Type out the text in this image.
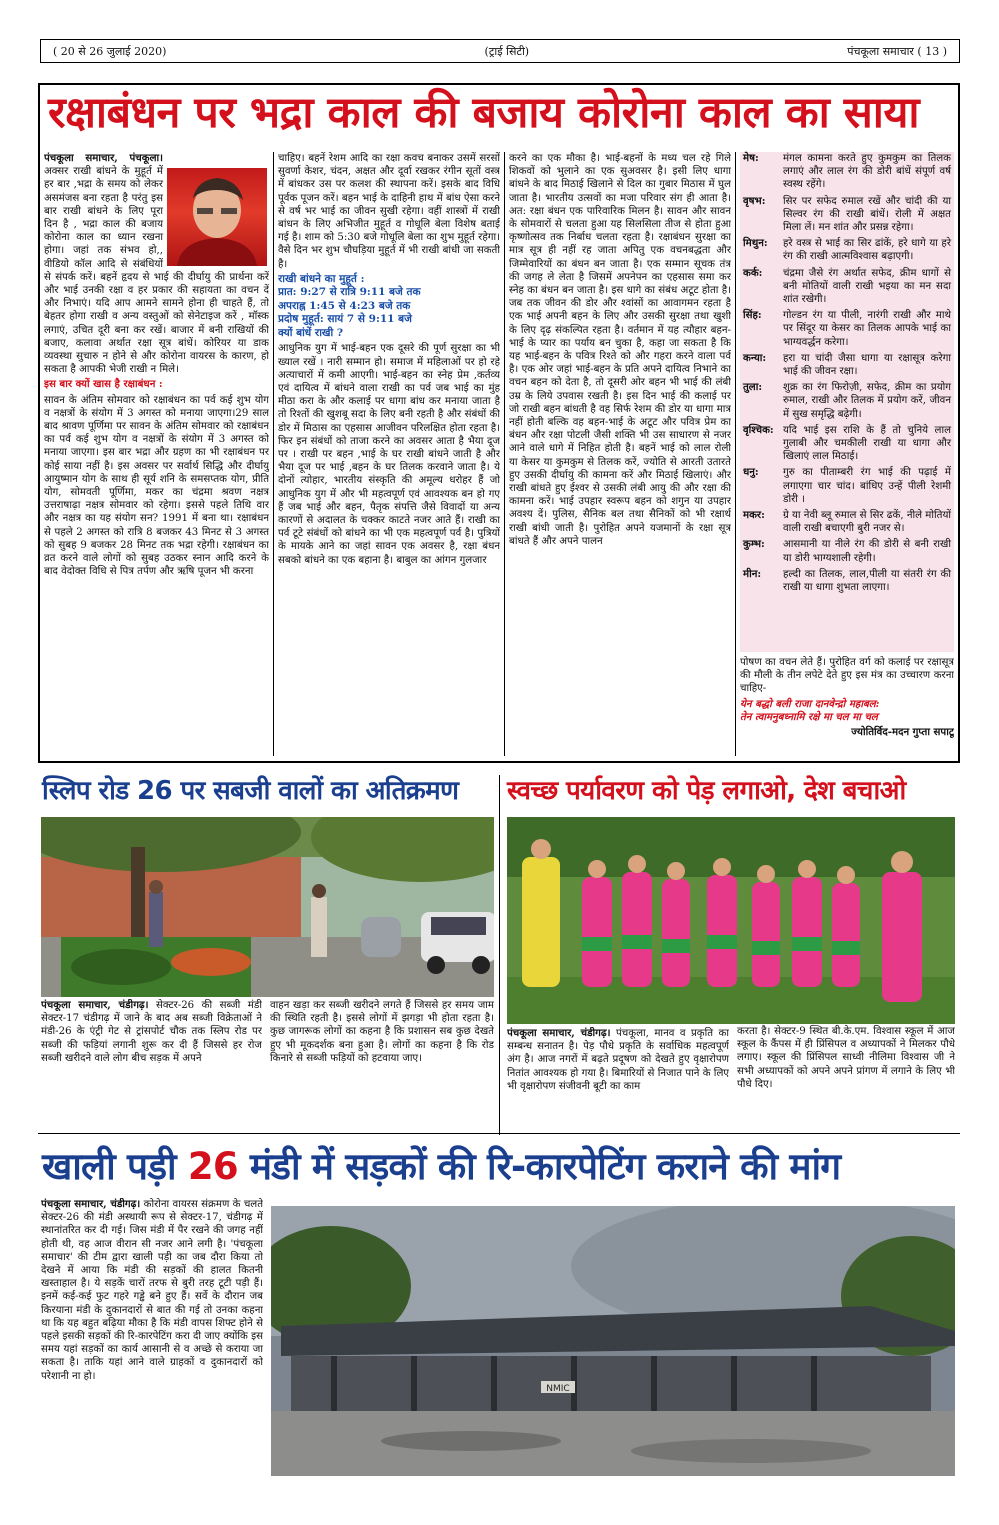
( 20 से 26 जुलाई 2020)	(ट्राई सिटी)	पंचकूला समाचार ( 13 )
रक्षाबंधन पर भद्रा काल की बजाय कोरोना काल का साया

पंचकूला समाचार, पंचकूला। अक्सर राखी बांधने के मुहूर्त में हर बार ,भद्रा के समय को लेकर असमंजस बना रहता है परंतु इस बार राखी बांधने के लिए पूरा दिन है , भद्रा काल की बजाय कोरोना काल का ध्यान रखना होगा। जहां तक संभव हो,, वीडियो कॉल आदि से संबंधियों से संपर्क करें। बहनें हृदय से भाई की दीर्घायु की प्रार्थना करें और भाई उनकी रक्षा व हर प्रकार की सहायता का वचन दें और निभाएं। यदि आप आमने सामने होना ही चाहते हैं, तो बेहतर होगा राखी व अन्य वस्तुओं को सेनेटाइज करें , मॉस्क लगाएं, उचित दूरी बना कर रखें। बाजार में बनी राखियों की बजाए, कलावा अर्थात रक्षा सूत्र बांधें। कोरियर या डाक व्यवस्था सुचारु न होने से और कोरोना वायरस के कारण, हो सकता है आपकी भेजी राखी न मिले।

इस बार क्यों खास है रक्षाबंधन :

सावन के अंतिम सोमवार को रक्षाबंधन का पर्व कई शुभ योग व नक्षत्रों के संयोग में 3 अगस्त को मनाया जाएगा।29 साल बाद श्रावण पूर्णिमा पर सावन के अंतिम सोमवार को रक्षाबंधन का पर्व कई शुभ योग व नक्षत्रों के संयोग में 3 अगस्त को मनाया जाएगा। इस बार भद्रा और ग्रहण का भी रक्षाबंधन पर कोई साया नहीं है। इस अवसर पर सर्वार्थ सिद्धि और दीर्घायु आयुष्मान योग के साथ ही सूर्य शनि के समसप्तक योग, प्रीति योग, सोमवती पूर्णिमा, मकर का चंद्रमा श्रवण नक्षत्र उत्तराषाढ़ा नक्षत्र सोमवार को रहेगा। इससे पहले तिथि वार और नक्षत्र का यह संयोग सन? 1991 में बना था। रक्षाबंधन से पहले 2 अगस्त को रात्रि 8 बजकर 43 मिनट से 3 अगस्त को सुबह 9 बजकर 28 मिनट तक भद्रा रहेगी। रक्षाबंधन का व्रत करने वाले लोगों को सुबह उठकर स्नान आदि करने के बाद वेदोक्त विधि से पित्र तर्पण और ऋषि पूजन भी करना

चाहिए। बहनें रेशम आदि का रक्षा कवच बनाकर उसमें सरसों सुवर्णा केशर, चंदन, अक्षत और दूर्वा रखकर रंगीन सूतों वस्त्र में बांधकर उस पर कलश की स्थापना करें। इसके बाद विधि पूर्वक पूजन करें। बहन भाई के दाहिनी हाथ में बांध ऐसा करने से वर्ष भर भाई का जीवन सुखी रहेगा। वहीं शास्त्रों में राखी बांधन के लिए अभिजीत मुहूर्त व गोधूलि बेला विशेष बताई गई है। शाम को 5:30 बजे गोधूलि बेला का शुभ मुहूर्त रहेगा। वैसे दिन भर शुभ चौघड़िया मुहूर्त में भी राखी बांधी जा सकती है।

राखी बांधने का मुहूर्त :
प्रात: 9:27 से रात्रि 9:11 बजे तक
अपराह्न 1:45 से 4:23 बजे तक
प्रदोष मुहूर्त: सायं 7 से 9:11 बजे
क्यों बांधें राखी ?

आधुनिक युग में भाई-बहन एक दूसरे की पूर्ण सुरक्षा का भी ख्याल रखें । नारी सम्मान हो। समाज में महिलाओं पर हो रहे अत्याचारों में कमी आएगी। भाई-बहन का स्नेह प्रेम ,कर्तव्य एवं दायित्व में बांधने वाला राखी का पर्व जब भाई का मुंह मीठा करा के और कलाई पर धागा बांध कर मनाया जाता है तो रिश्तों की खुशबू सदा के लिए बनी रहती है और संबंधों की डोर में मिठास का एहसास आजीवन परिलक्षित होता रहता है। फिर इन संबंधों को ताजा करने का अवसर आता है भैया दूज पर । राखी पर बहन ,भाई के घर राखी बांधने जाती है और भैया दूज पर भाई ,बहन के घर तिलक करवाने जाता है। ये दोनों त्योहार, भारतीय संस्कृति की अमूल्य धरोहर हैं जो आधुनिक युग में और भी महत्वपूर्ण एवं आवश्यक बन हो गए हैं जब भाई और बहन, पैतृक संपत्ति जैसे विवादों या अन्य कारणों से अदालत के चक्कर काटते नजर आते हैं। राखी का पर्व टूटे संबंधों को बांधने का भी एक महत्वपूर्ण पर्व है। पुत्रियों के मायके आने का जहां सावन एक अवसर है, रक्षा बंधन सबको बांधने का एक बहाना है। बाबुल का आंगन गुलजार

करने का एक मौका है। भाई-बहनों के मध्य चल रहे गिले शिकवों को भुलाने का एक सुअवसर है। इसी लिए धागा बांधने के बाद मिठाई खिलाने से दिल का गुबार मिठास में घुल जाता है। भारतीय उत्सवों का मजा परिवार संग ही आता है। अत: रक्षा बंधन एक पारिवारिक मिलन है। सावन और सावन के सोमवारों से चलता हुआ यह सिलसिला तीज से होता हुआ कृष्णोत्सव तक निर्बाध चलता रहता है। रक्षाबंधन सुरक्षा का मात्र सूत्र ही नहीं रह जाता अपितु एक वचनबद्धता और जिम्मेवारियों का बंधन बन जाता है। एक सम्मान सूचक तंत्र की जगह ले लेता है जिसमें अपनेपन का एहसास समा कर स्नेह का बंधन बन जाता है। इस धागे का संबंध अटूट होता है। जब तक जीवन की डोर और श्वांसों का आवागमन रहता है एक भाई अपनी बहन के लिए और उसकी सुरक्षा तथा खुशी के लिए दृढ़ संकल्पित रहता है। वर्तमान में यह त्यौहार बहन-भाई के प्यार का पर्याय बन चुका है, कहा जा सकता है कि यह भाई-बहन के पवित्र रिश्ते को और गहरा करने वाला पर्व है। एक ओर जहां भाई-बहन के प्रति अपने दायित्व निभाने का वचन बहन को देता है, तो दूसरी ओर बहन भी भाई की लंबी उम्र के लिये उपवास रखती है। इस दिन भाई की कलाई पर जो राखी बहन बांधती है वह सिर्फ रेशम की डोर या धागा मात्र नहीं होती बल्कि वह बहन-भाई के अटूट और पवित्र प्रेम का बंधन और रक्षा पोटली जैसी शक्ति भी उस साधारण से नजर आने वाले धागे में निहित होती है। बहनें भाई को लाल रोली या केसर या कुमकुम से तिलक करें, ज्योति से आरती उतारते हुए उसकी दीर्घायु की कामना करें और मिठाई खिलाएं। और राखी बांधते हुए ईश्वर से उसकी लंबी आयु की और रक्षा की कामना करें। भाई उपहार स्वरूप बहन को शगुन या उपहार अवश्य दें। पुलिस, सैनिक बल तथा सैनिकों को भी रक्षार्थ राखी बांधी जाती है। पुरोहित अपने यजमानों के रक्षा सूत्र बांधते हैं और अपने पालन

मेष:	मंगल कामना करते हुए कुमकुम का तिलक लगाएं और लाल रंग की डोरी बांधें संपूर्ण वर्ष स्वस्थ रहेंगे।
वृषभ:	सिर पर सफेद रुमाल रखें और चांदी की या सिल्वर रंग की राखी बांधें। रोली में अक्षत मिला लें। मन शांत और प्रसन्न रहेगा।
मिथुन:	हरे वस्त्र से भाई का सिर ढांकें, हरे धागे या हरे रंग की राखी आत्मविश्वास बढ़ाएगी।
कर्क:	चंद्रमा जैसे रंग अर्थात सफेद, क्रीम धागों से बनी मोतियों वाली राखी भइया का मन सदा शांत रखेगी।
सिंह:	गोल्डन रंग या पीली, नारंगी राखी और माथे पर सिंदूर या केसर का तिलक आपके भाई का भाग्यवर्द्धन करेगा।
कन्या:	हरा या चांदी जैसा धागा या रक्षासूत्र करेगा भाई की जीवन रक्षा।
तुला:	शुक्र का रंग फिरोज़ी, सफेद, क्रीम का प्रयोग रुमाल, राखी और तिलक में प्रयोग करें, जीवन में सुख समृद्धि बढ़ेगी।
वृश्चिक: यदि भाई इस राशि के हैं तो चुनिये लाल गुलाबी और चमकीली राखी या धागा और खिलाएं लाल मिठाई।
धनु:	गुरु का पीताम्बरी रंग भाई की पढ़ाई में लगाएगा चार चांद। बांधिए उन्हें पीली रेशमी डोरी ।
मकर:	ग्रे या नेवी ब्लू रुमाल से सिर ढकें, नीले मोतियों वाली राखी बचाएगी बुरी नजर से।
कुम्भ:	आसमानी या नीले रंग की डोरी से बनी राखी या डोरी भाग्यशाली रहेगी।
मीन:	हल्दी का तिलक, लाल,पीली या संतरी रंग की राखी या धागा शुभता लाएगा।

पोषण का वचन लेते हैं। पुरोहित वर्ग को कलाई पर रक्षासूत्र की मौली के तीन लपेटे देते हुए इस मंत्र का उच्चारण करना चाहिए-

येन बद्धो बली राजा दानवेन्द्रो महाबल:
तेन त्वामनुबध्नामि रक्षे मा चल मा चल
ज्योतिर्विद-मदन गुप्ता सपाटू
स्लिप रोड 26 पर सबजी वालों का अतिक्रमण	स्वच्छ पर्यावरण को पेड़ लगाओ, देश बचाओ

पंचकूला समाचार, चंडीगढ़। सेक्टर-26 की सब्जी मंडी सेक्टर-17 चंडीगढ़ में जाने के बाद अब सब्जी विक्रेताओं ने मंडी-26 के एंट्री गेट से ट्रांसपोर्ट चौक तक स्लिप रोड पर सब्जी की फड़ियां लगानी शुरू कर दी हैं जिससे हर रोज सब्जी खरीदने वाले लोग बीच सड़क में अपने

वाहन खड़ा कर सब्जी खरीदने लगते हैं जिससे हर समय जाम की स्थिति रहती है। इससे लोगों में झगड़ा भी होता रहता है। कुछ जागरूक लोगों का कहना है कि प्रशासन सब कुछ देखते हुए भी मूकदर्शक बना हुआ है। लोगों का कहना है कि रोड किनारे से सब्जी फड़ियों को हटवाया जाए।

पंचकूला समाचार, चंडीगढ़। पंचकूला, मानव व प्रकृति का सम्बन्ध सनातन है। पेड़ पौधे प्रकृति के सर्वाधिक महत्वपूर्ण अंग है। आज नगरों में बढ़ते प्रदूषण को देखते हुए वृक्षारोपण नितांत आवश्यक हो गया है। बिमारियों से निजात पाने के लिए भी वृक्षारोपण संजीवनी बूटी का काम

करता है। सेक्टर-9 स्थित बी.के.एम. विश्वास स्कूल में आज स्कूल के कैंपस में ही प्रिंसिपल व अध्यापकों ने मिलकर पौधे लगाए। स्कूल की प्रिंसिपल साध्वी नीलिमा विश्वास जी ने सभी अध्यापकों को अपने अपने प्रांगण में लगाने के लिए भी पौधे दिए।

खाली पड़ी 26 मंडी में सड़कों की रि-कारपेटिंग कराने की मांग

पंचकूला समाचार, चंडीगढ़। कोरोना वायरस संक्रमण के चलते सेक्टर-26 की मंडी अस्थायी रूप से सेक्टर-17, चंडीगढ़ में स्थानांतरित कर दी गई। जिस मंडी में पैर रखने की जगह नहीं होती थी, वह आज वीरान सी नजर आने लगी है। 'पंचकूला समाचार' की टीम द्वारा खाली पड़ी का जब दौरा किया तो देखने में आया कि मंडी की सड़कों की हालत कितनी खस्ताहाल है। ये सड़कें चारों तरफ से बुरी तरह टूटी पड़ी हैं। इनमें कई-कई फुट गहरे गड्ढे बने हुए हैं। सर्वे के दौरान जब किरयाना मंडी के दुकानदारों से बात की गई तो उनका कहना था कि यह बहुत बढ़िया मौका है कि मंडी वापस शिफ्ट होने से पहले इसकी सड़कों की रि-कारपेटिंग करा दी जाए क्योंकि इस समय यहां सड़कों का कार्य आसानी से व अच्छे से कराया जा सकता है। ताकि यहां आने वाले ग्राहकों व दुकानदारों को परेशानी ना हो।

NMIC
